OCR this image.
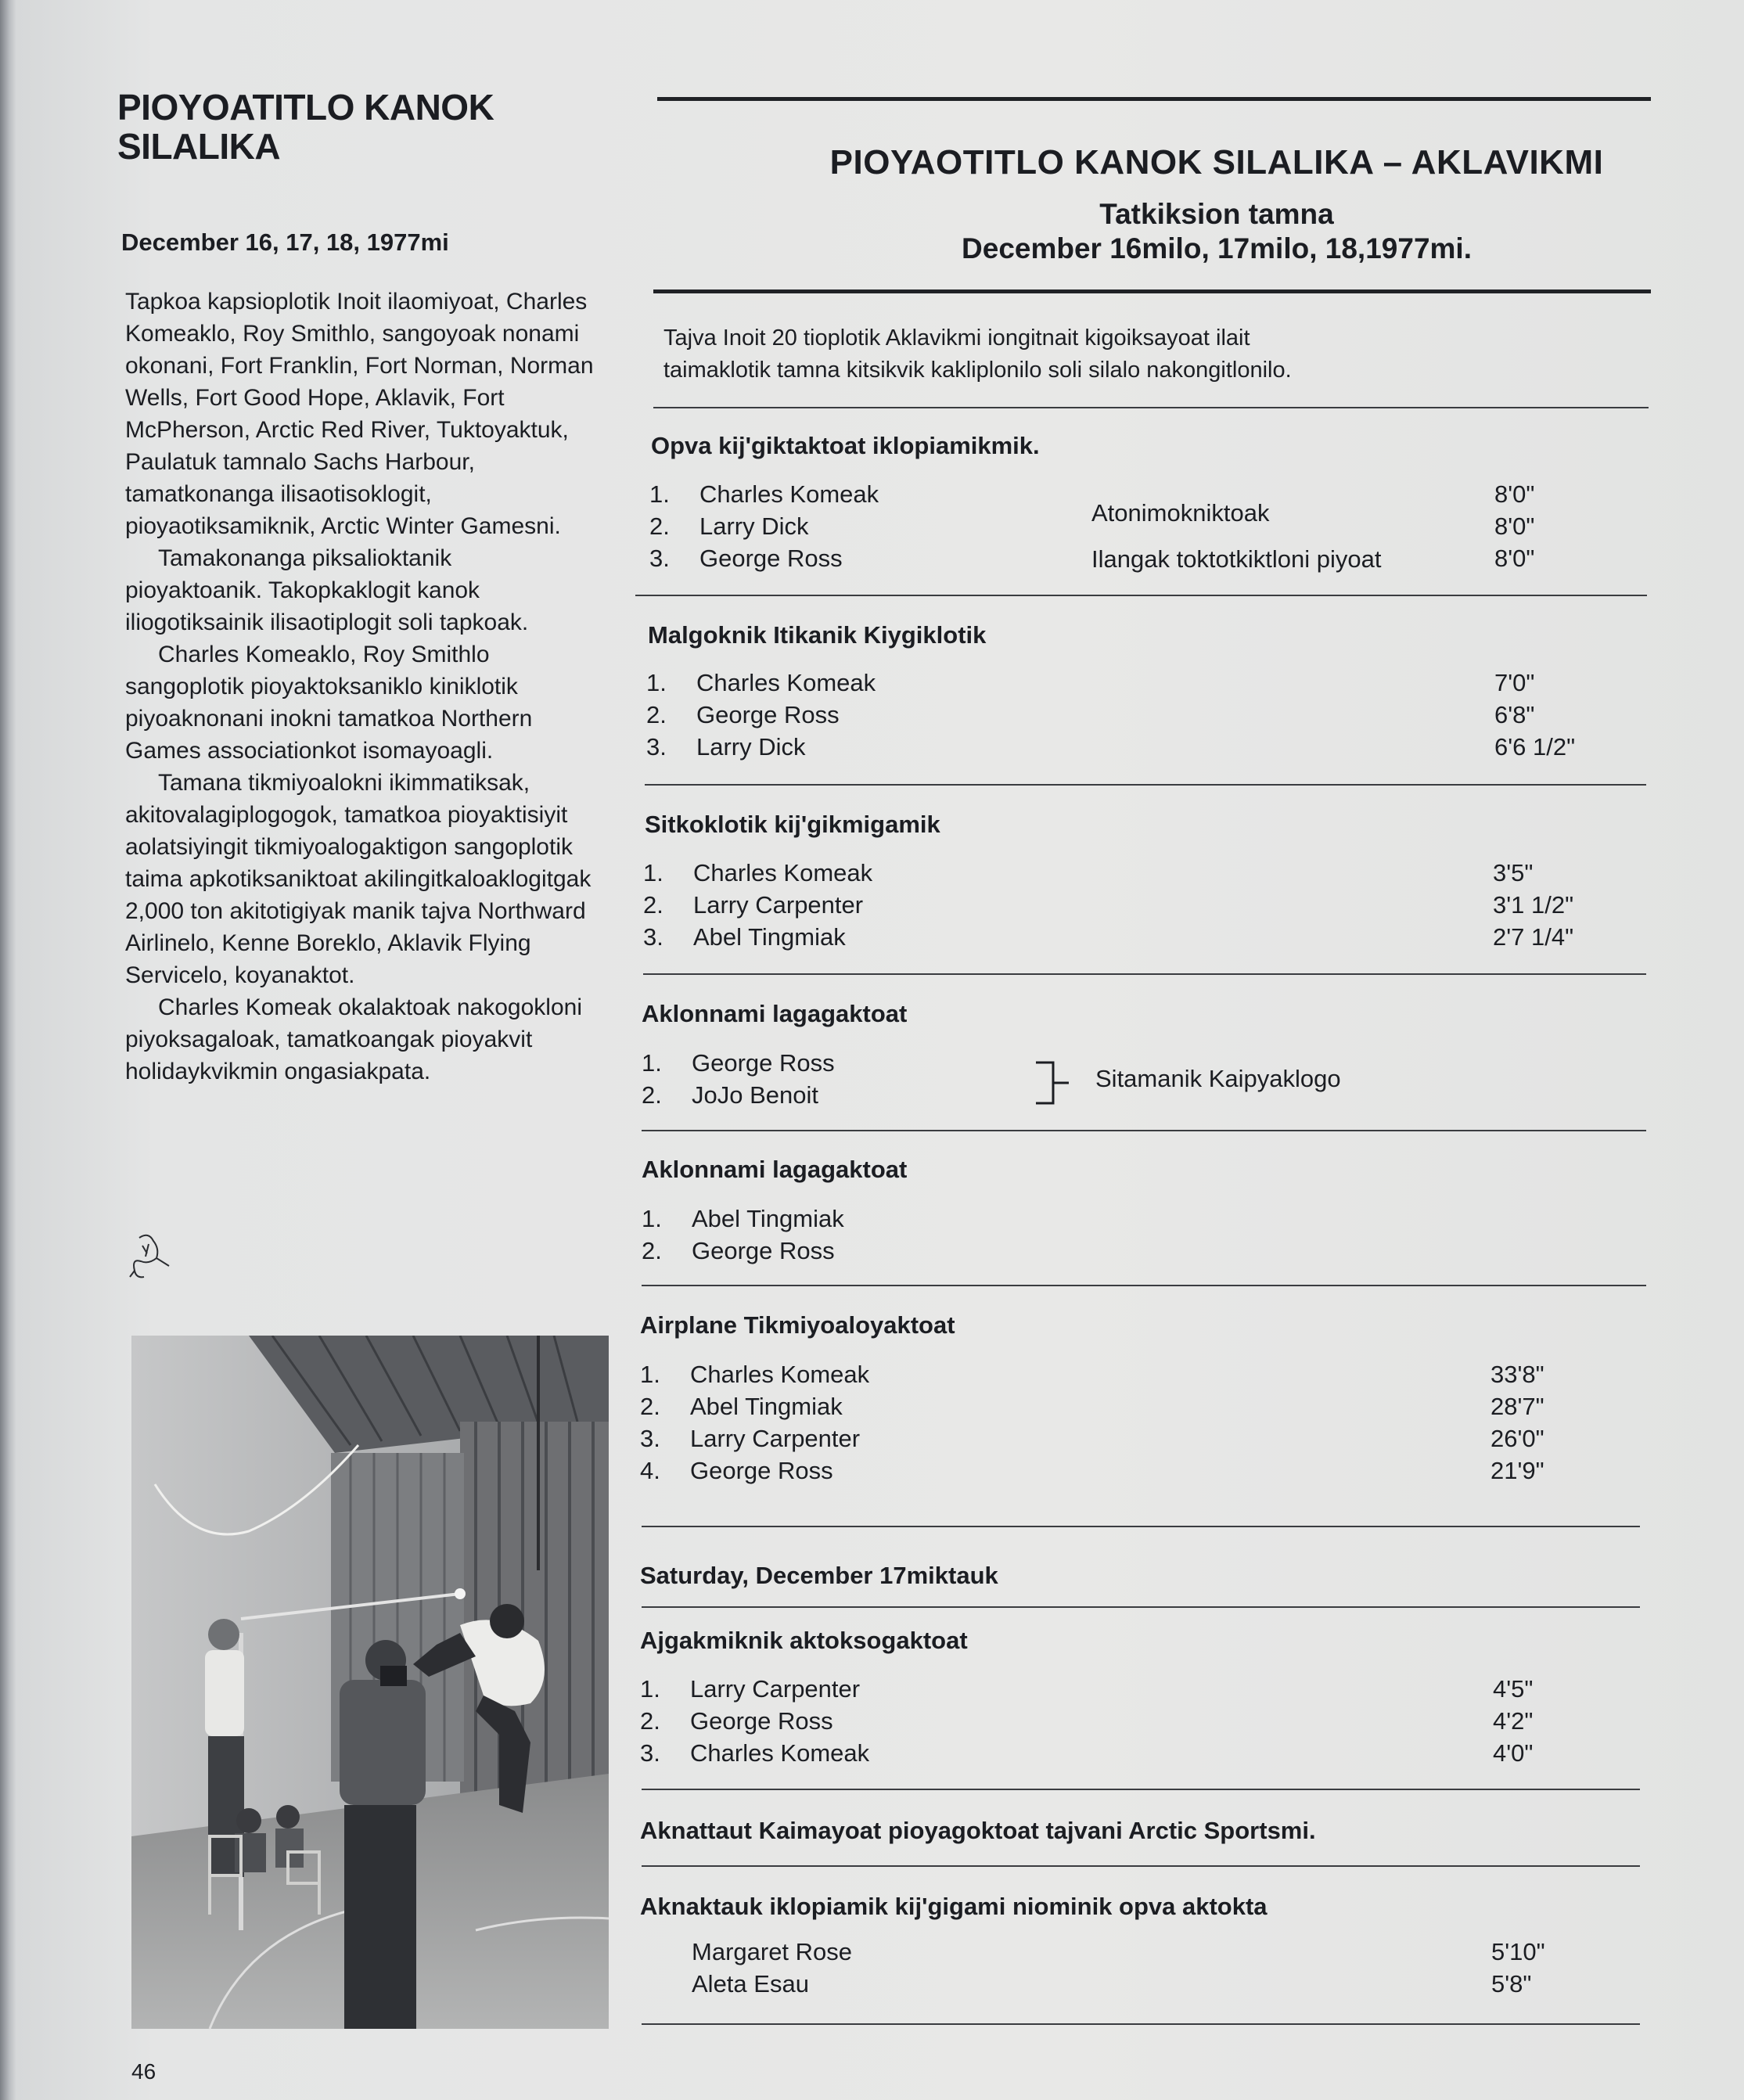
PIOYOATITLO KANOK
SILALIKA
December 16, 17, 18, 1977mi

Tapkoa kapsioplotik Inoit ilaomiyoat, Charles Komeaklo, Roy Smithlo, sangoyoak nonami okonani, Fort Franklin, Fort Norman, Norman Wells, Fort Good Hope, Aklavik, Fort McPherson, Arctic Red River, Tuktoyaktuk, Paulatuk tamnalo Sachs Harbour, tamatkonanga ilisaotisoklogit, pioyaotiksamiknik, Arctic Winter Gamesni.

Tamakonanga piksalioktanik pioyaktoanik. Takopkaklogit kanok iliogotiksainik ilisaotiplogit soli tapkoak.

Charles Komeaklo, Roy Smithlo sangoplotik pioyaktoksaniklo kiniklotik piyoaknonani inokni tamatkoa Northern Games associationkot isomayoagli.

Tamana tikmiyoalokni ikimmatiksak, akitovalagiplogogok, tamatkoa pioyaktisiyit aolatsiyingit tikmiyoalogaktigon sangoplotik taima apkotiksaniktoat akilingitkaloaklogitgak 2,000 ton akitotigiyak manik tajva Northward Airlinelo, Kenne Boreklo, Aklavik Flying Servicelo, koyanaktot.

Charles Komeak okalaktoak nakogokloni piyoksagaloak, tamatkoangak pioyakvit holidaykvikmin ongasiakpata.

46
PIOYAOTITLO KANOK SILALIKA – AKLAVIKMI
Tatkiksion tamna
December 16milo, 17milo, 18,1977mi.
Tajva Inoit 20 tioplotik Aklavikmi iongitnait kigoiksayoat ilait
taimaklotik tamna kitsikvik kakliplonilo soli silalo nakongitlonilo.
Opva kij'giktaktoat iklopiamikmik.
1. Charles Komeak
2. Larry Dick
3. George Ross
Atonimokniktoak
Ilangak toktotkiktloni piyoat
8'0"
8'0"
8'0"
Malgoknik Itikanik Kiygiklotik
1. Charles Komeak
2. George Ross
3. Larry Dick
7'0"
6'8"
6'6 1/2"
Sitkoklotik kij'gikmigamik
1. Charles Komeak
2. Larry Carpenter
3. Abel Tingmiak
3'5"
3'1 1/2"
2'7 1/4"
Aklonnami lagagaktoat
1. George Ross
2. JoJo Benoit
Sitamanik Kaipyaklogo
Aklonnami lagagaktoat
1. Abel Tingmiak
2. George Ross
Airplane Tikmiyoaloyaktoat
1. Charles Komeak
2. Abel Tingmiak
3. Larry Carpenter
4. George Ross
33'8"
28'7"
26'0"
21'9"
Saturday, December 17miktauk
Ajgakmiknik aktoksogaktoat
1. Larry Carpenter
2. George Ross
3. Charles Komeak
4'5"
4'2"
4'0"
Aknattaut Kaimayoat pioyagoktoat tajvani Arctic Sportsmi.
Aknaktauk iklopiamik kij'gigami niominik opva aktokta
Margaret Rose
Aleta Esau
5'10"
5'8"
